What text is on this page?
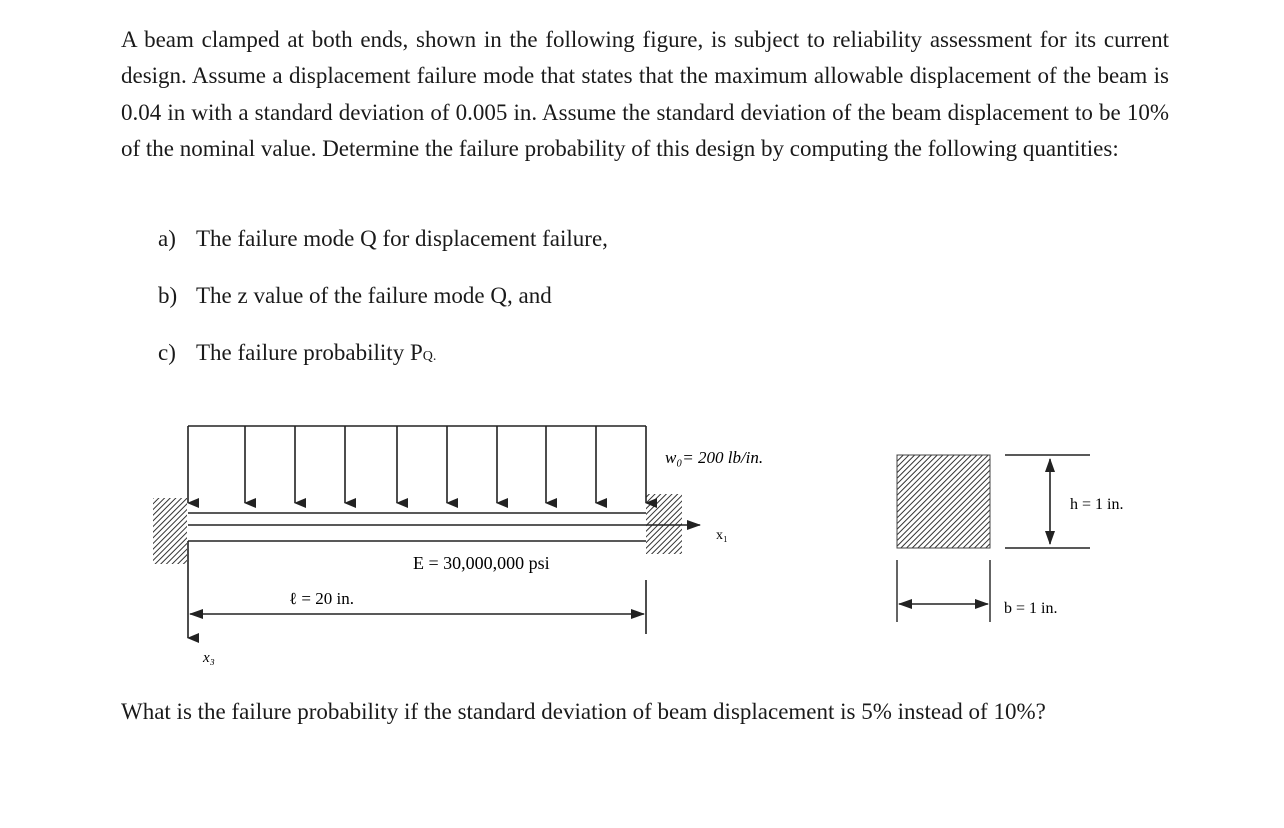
A beam clamped at both ends, shown in the following figure, is subject to reliability assessment for its current design. Assume a displacement failure mode that states that the maximum allowable displacement of the beam is 0.04 in with a standard deviation of 0.005 in. Assume the standard deviation of the beam displacement to be 10% of the nominal value. Determine the failure probability of this design by computing the following quantities:

a) The failure mode Q for displacement failure,
b) The z value of the failure mode Q, and
c) The failure probability PQ.
w₀= 200 lb/in.
x₁
E = 30,000,000 psi
x₃
ℓ = 20 in.
h = 1 in.
b = 1 in.

What is the failure probability if the standard deviation of beam displacement is 5% instead of 10%?
